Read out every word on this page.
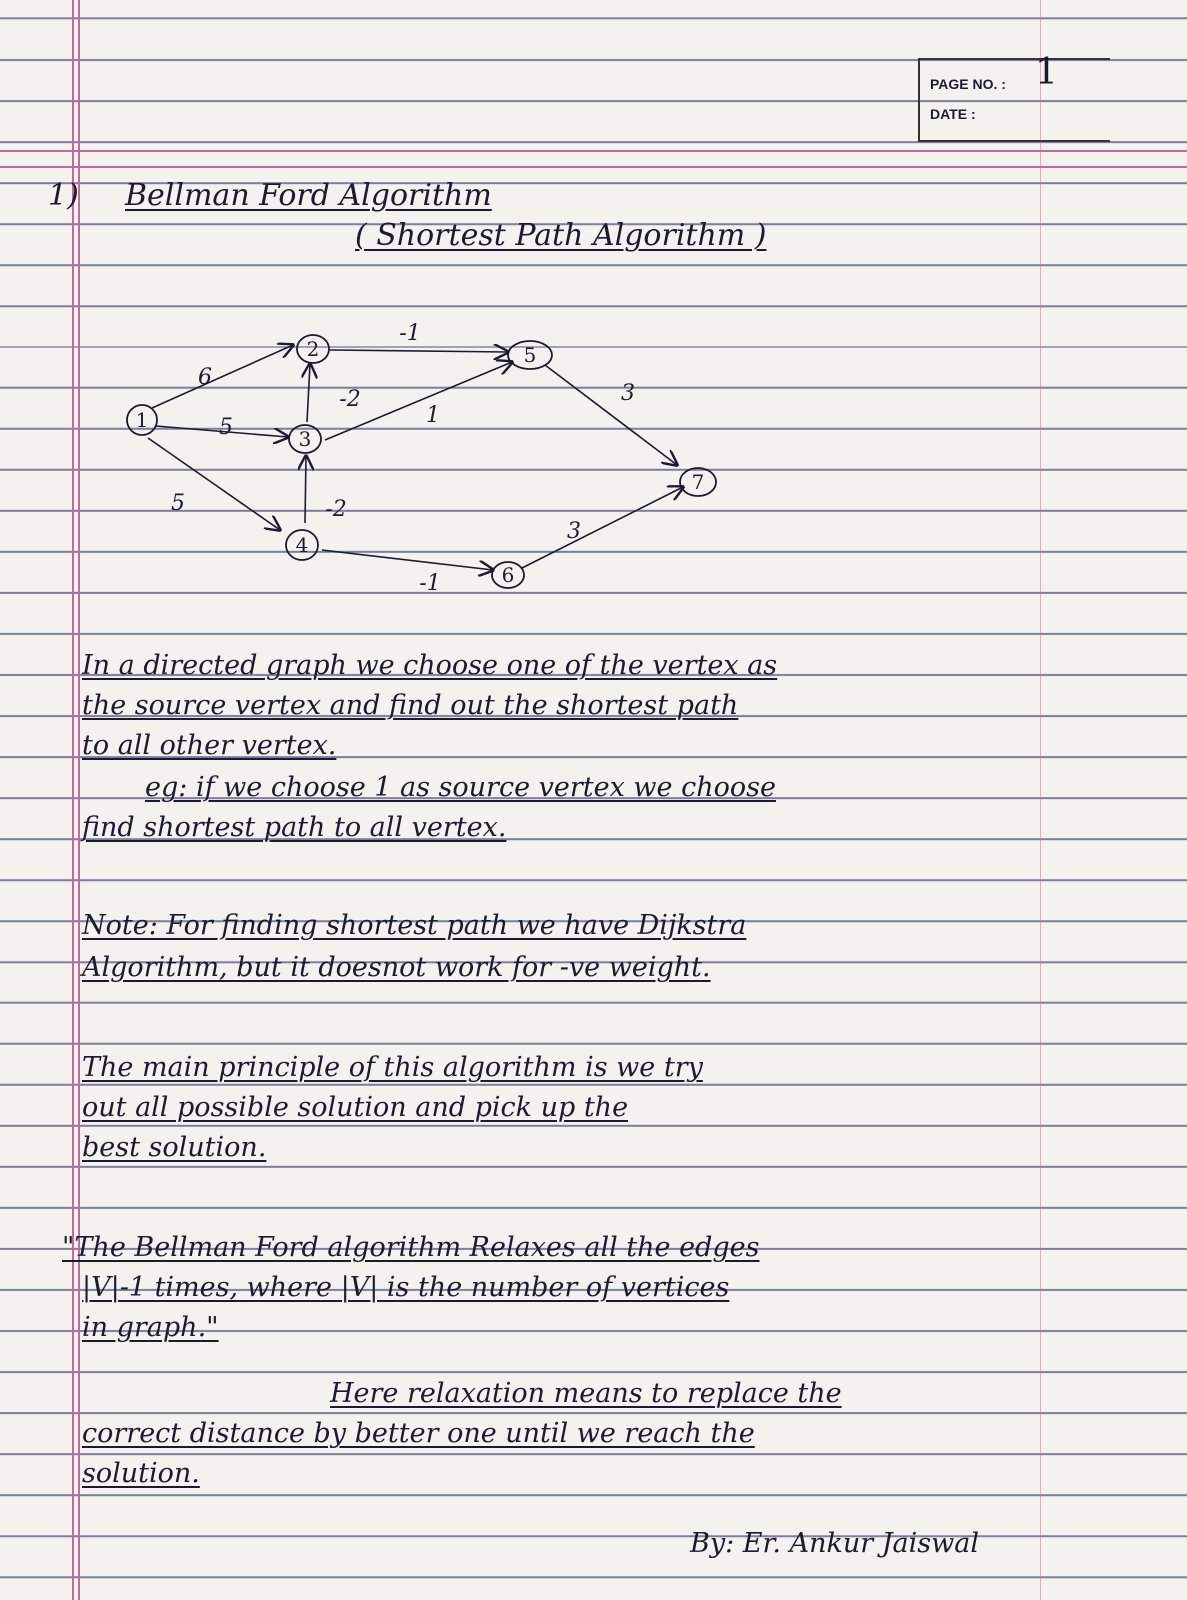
PAGE NO. :
DATE :
1
1) Bellman Ford Algorithm
( Shortest Path Algorithm )
1
2
3
4
5
6
7
6
5
5
-2
-2
-1
1
3
-1
3
In a directed graph we choose one of the vertex as
the source vertex and find out the shortest path
to all other vertex.
eg: if we choose 1 as source vertex we choose
find shortest path to all vertex.
Note: For finding shortest path we have Dijkstra
Algorithm, but it doesnot work for -ve weight.
The main principle of this algorithm is we try
out all possible solution and pick up the
best solution.
"The Bellman Ford algorithm Relaxes all the edges
|V|-1 times, where |V| is the number of vertices
in graph."
Here relaxation means to replace the
correct distance by better one until we reach the
solution.
By: Er. Ankur Jaiswal
